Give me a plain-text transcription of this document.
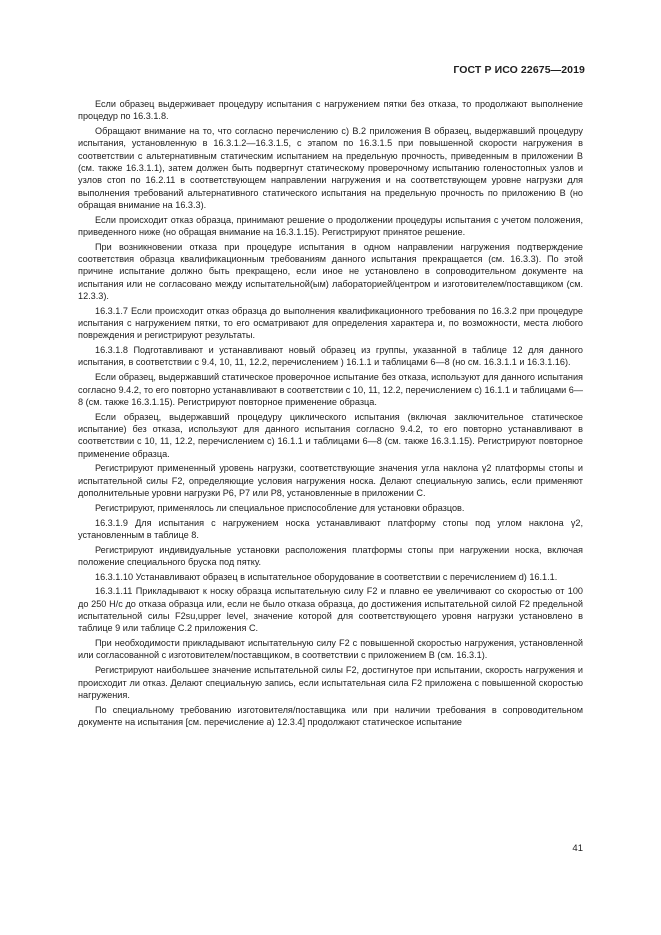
ГОСТ Р ИСО 22675—2019

Если образец выдерживает процедуру испытания с нагружением пятки без отказа, то продолжают выполнение процедур по 16.3.1.8.

Обращают внимание на то, что согласно перечислению с) В.2 приложения В образец, выдержавший процедуру испытания, установленную в 16.3.1.2—16.3.1.5, с этапом по 16.3.1.5 при повышенной скорости нагружения в соответствии с альтернативным статическим испытанием на предельную прочность, приведенным в приложении В (см. также 16.3.1.1), затем должен быть подвергнут статическому проверочному испытанию голеностопных узлов и узлов стоп по 16.2.11 в соответствующем направлении нагружения и на соответствующем уровне нагрузки для выполнения требований альтернативного статического испытания на предельную прочность по приложению В (но обращая внимание на 16.3.3).

Если происходит отказ образца, принимают решение о продолжении процедуры испытания с учетом положения, приведенного ниже (но обращая внимание на 16.3.1.15). Регистрируют принятое решение.

При возникновении отказа при процедуре испытания в одном направлении нагружения подтверждение соответствия образца квалификационным требованиям данного испытания прекращается (см. 16.3.3). По этой причине испытание должно быть прекращено, если иное не установлено в сопроводительном документе на испытания или не согласовано между испытательной(ым) лабораторией/центром и изготовителем/поставщиком (см. 12.3.3).

16.3.1.7 Если происходит отказ образца до выполнения квалификационного требования по 16.3.2 при процедуре испытания с нагружением пятки, то его осматривают для определения характера и, по возможности, места любого повреждения и регистрируют результаты.

16.3.1.8 Подготавливают и устанавливают новый образец из группы, указанной в таблице 12 для данного испытания, в соответствии с 9.4, 10, 11, 12.2, перечислением ) 16.1.1 и таблицами 6—8 (но см. 16.3.1.1 и 16.3.1.16).

Если образец, выдержавший статическое проверочное испытание без отказа, используют для данного испытания согласно 9.4.2, то его повторно устанавливают в соответствии с 10, 11, 12.2, перечислением с) 16.1.1 и таблицами 6—8 (см. также 16.3.1.15). Регистрируют повторное применение образца.

Если образец, выдержавший процедуру циклического испытания (включая заключительное статическое испытание) без отказа, используют для данного испытания согласно 9.4.2, то его повторно устанавливают в соответствии с 10, 11, 12.2, перечислением с) 16.1.1 и таблицами 6—8 (см. также 16.3.1.15). Регистрируют повторное применение образца.

Регистрируют примененный уровень нагрузки, соответствующие значения угла наклона γ2 платформы стопы и испытательной силы F2, определяющие условия нагружения носка. Делают специальную запись, если применяют дополнительные уровни нагрузки P6, P7 или P8, установленные в приложении С.

Регистрируют, применялось ли специальное приспособление для установки образцов.

16.3.1.9 Для испытания с нагружением носка устанавливают платформу стопы под углом наклона γ2, установленным в таблице 8.

Регистрируют индивидуальные установки расположения платформы стопы при нагружении носка, включая положение специального бруска под пятку.

16.3.1.10 Устанавливают образец в испытательное оборудование в соответствии с перечислением d) 16.1.1.

16.3.1.11 Прикладывают к носку образца испытательную силу F2 и плавно ее увеличивают со скоростью от 100 до 250 Н/с до отказа образца или, если не было отказа образца, до достижения испытательной силой F2 предельной испытательной силы F2su,upper level, значение которой для соответствующего уровня нагрузки установлено в таблице 9 или таблице С.2 приложения С.

При необходимости прикладывают испытательную силу F2 с повышенной скоростью нагружения, установленной или согласованной с изготовителем/поставщиком, в соответствии с приложением В (см. 16.3.1).

Регистрируют наибольшее значение испытательной силы F2, достигнутое при испытании, скорость нагружения и происходит ли отказ. Делают специальную запись, если испытательная сила F2 приложена с повышенной скоростью нагружения.

По специальному требованию изготовителя/поставщика или при наличии требования в сопроводительном документе на испытания [см. перечисление а) 12.3.4] продолжают статическое испытание

41
